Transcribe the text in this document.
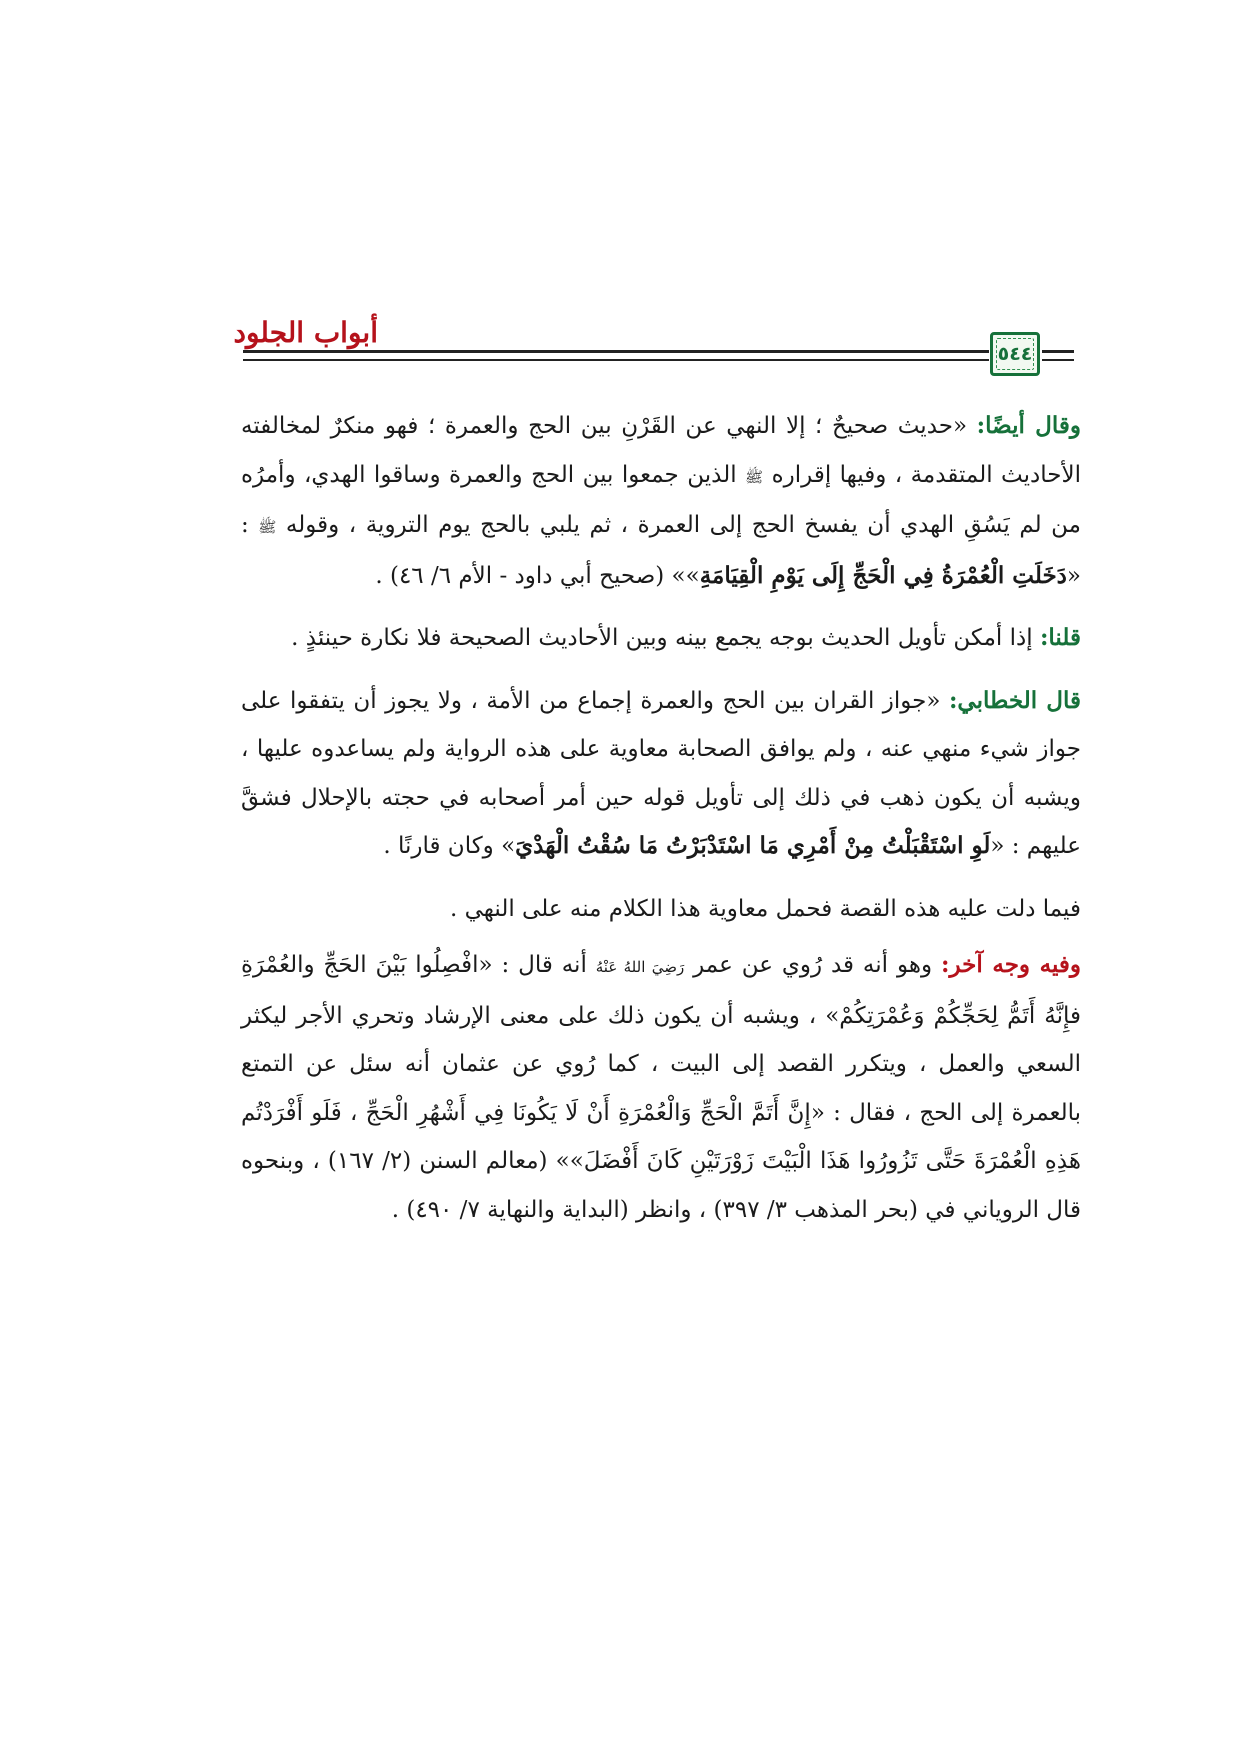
أبواب الجلود
٥٤٤

وقال أيضًا: «حديث صحيحٌ ؛ إلا النهي عن القَرْنِ بين الحج والعمرة ؛ فهو منكرٌ لمخالفته الأحاديث المتقدمة ، وفيها إقراره ﷺ الذين جمعوا بين الحج والعمرة وساقوا الهدي، وأمرُه من لم يَسُقِ الهدي أن يفسخ الحج إلى العمرة ، ثم يلبي بالحج يوم التروية ، وقوله ﷺ : «دَخَلَتِ الْعُمْرَةُ فِي الْحَجِّ إِلَى يَوْمِ الْقِيَامَةِ»» (صحيح أبي داود - الأم ٦/ ٤٦) .

قلنا: إذا أمكن تأويل الحديث بوجه يجمع بينه وبين الأحاديث الصحيحة فلا نكارة حينئذٍ .

قال الخطابي: «جواز القران بين الحج والعمرة إجماع من الأمة ، ولا يجوز أن يتفقوا على جواز شيء منهي عنه ، ولم يوافق الصحابة معاوية على هذه الرواية ولم يساعدوه عليها ، ويشبه أن يكون ذهب في ذلك إلى تأويل قوله حين أمر أصحابه في حجته بالإحلال فشقَّ عليهم : «لَوِ اسْتَقْبَلْتُ مِنْ أَمْرِي مَا اسْتَدْبَرْتُ مَا سُقْتُ الْهَدْيَ» وكان قارنًا .

فيما دلت عليه هذه القصة فحمل معاوية هذا الكلام منه على النهي .

وفيه وجه آخر: وهو أنه قد رُوي عن عمر رَضِيَ اللهُ عَنْهُ أنه قال : «افْصِلُوا بَيْنَ الحَجِّ والعُمْرَةِ فإِنَّهُ أَتَمُّ لِحَجِّكُمْ وَعُمْرَتِكُمْ» ، ويشبه أن يكون ذلك على معنى الإرشاد وتحري الأجر ليكثر السعي والعمل ، ويتكرر القصد إلى البيت ، كما رُوي عن عثمان أنه سئل عن التمتع بالعمرة إلى الحج ، فقال : «إِنَّ أَتَمَّ الْحَجِّ وَالْعُمْرَةِ أَنْ لَا يَكُونَا فِي أَشْهُرِ الْحَجِّ ، فَلَو أَفْرَدْتُم هَذِهِ الْعُمْرَةَ حَتَّى تَزُورُوا هَذَا الْبَيْتَ زَوْرَتَيْنِ كَانَ أَفْضَلَ»» (معالم السنن (٢/ ١٦٧) ، وبنحوه قال الروياني في (بحر المذهب ٣/ ٣٩٧) ، وانظر (البداية والنهاية ٧/ ٤٩٠) .
